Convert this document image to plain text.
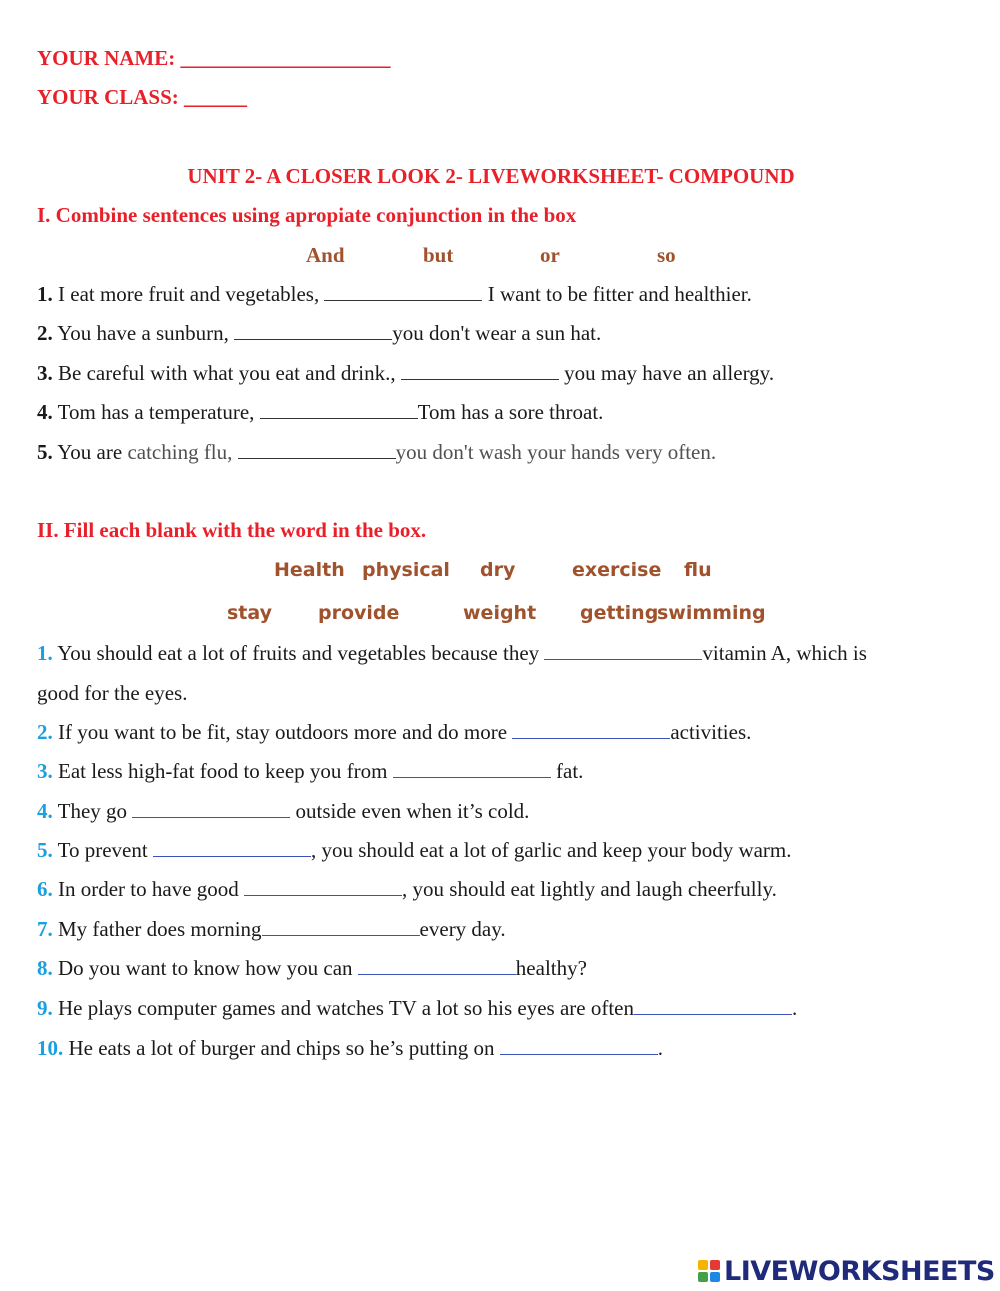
YOUR NAME: ____________________
YOUR CLASS: ______
UNIT 2- A CLOSER LOOK 2- LIVEWORKSHEET- COMPOUND
I. Combine sentences using apropiate conjunction in the box
And	but	or	so
1. I eat more fruit and vegetables,	I want to be fitter and healthier.
2. You have a sunburn,	you don't wear a sun hat.
3. Be careful with what you eat and drink.,	you may have an allergy.
4. Tom has a temperature,	Tom has a sore throat.
5. You are catching flu,	you don't wash your hands very often.
II. Fill each blank with the word in the box.
Health physical dry	exercise flu
stay provide	weight getting
swimming
1. You should eat a lot of fruits and vegetables because they	vitamin A, which is
good for the eyes.
2. If you want to be fit, stay outdoors more and do more	activities.
3. Eat less high-fat food to keep you from	fat.
4. They go	outside even when it’s cold.
5. To prevent	, you should eat a lot of garlic and keep your body warm.
6. In order to have good	, you should eat lightly and laugh cheerfully.
7. My father does morning	every day.
8. Do you want to know how you can	healthy?
9. He plays computer games and watches TV a lot so his eyes are often	.
10. He eats a lot of burger and chips so he’s putting on	.
LIVEWORKSHEETS
